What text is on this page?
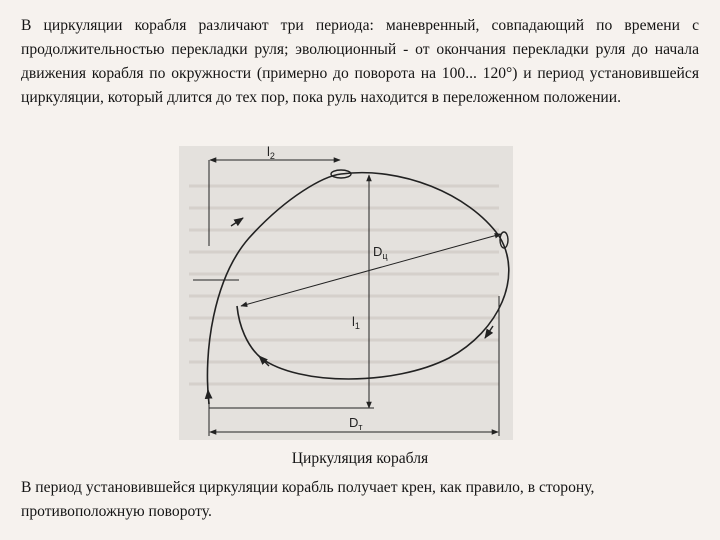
В циркуляции корабля различают три периода: маневренный, совпадающий по времени с продолжительностью перекладки руля; эволюционный - от окончания перекладки руля до начала движения корабля по окружности (примерно до поворота на 100... 120°) и период установившейся циркуляции, который длится до тех пор, пока руль находится в переложенном положении.
$l_2$
$l_1$
$D_ц$
$D_т$
Циркуляция корабля
В период установившейся циркуляции корабль получает крен, как правило, в сторону, противоположную повороту.
